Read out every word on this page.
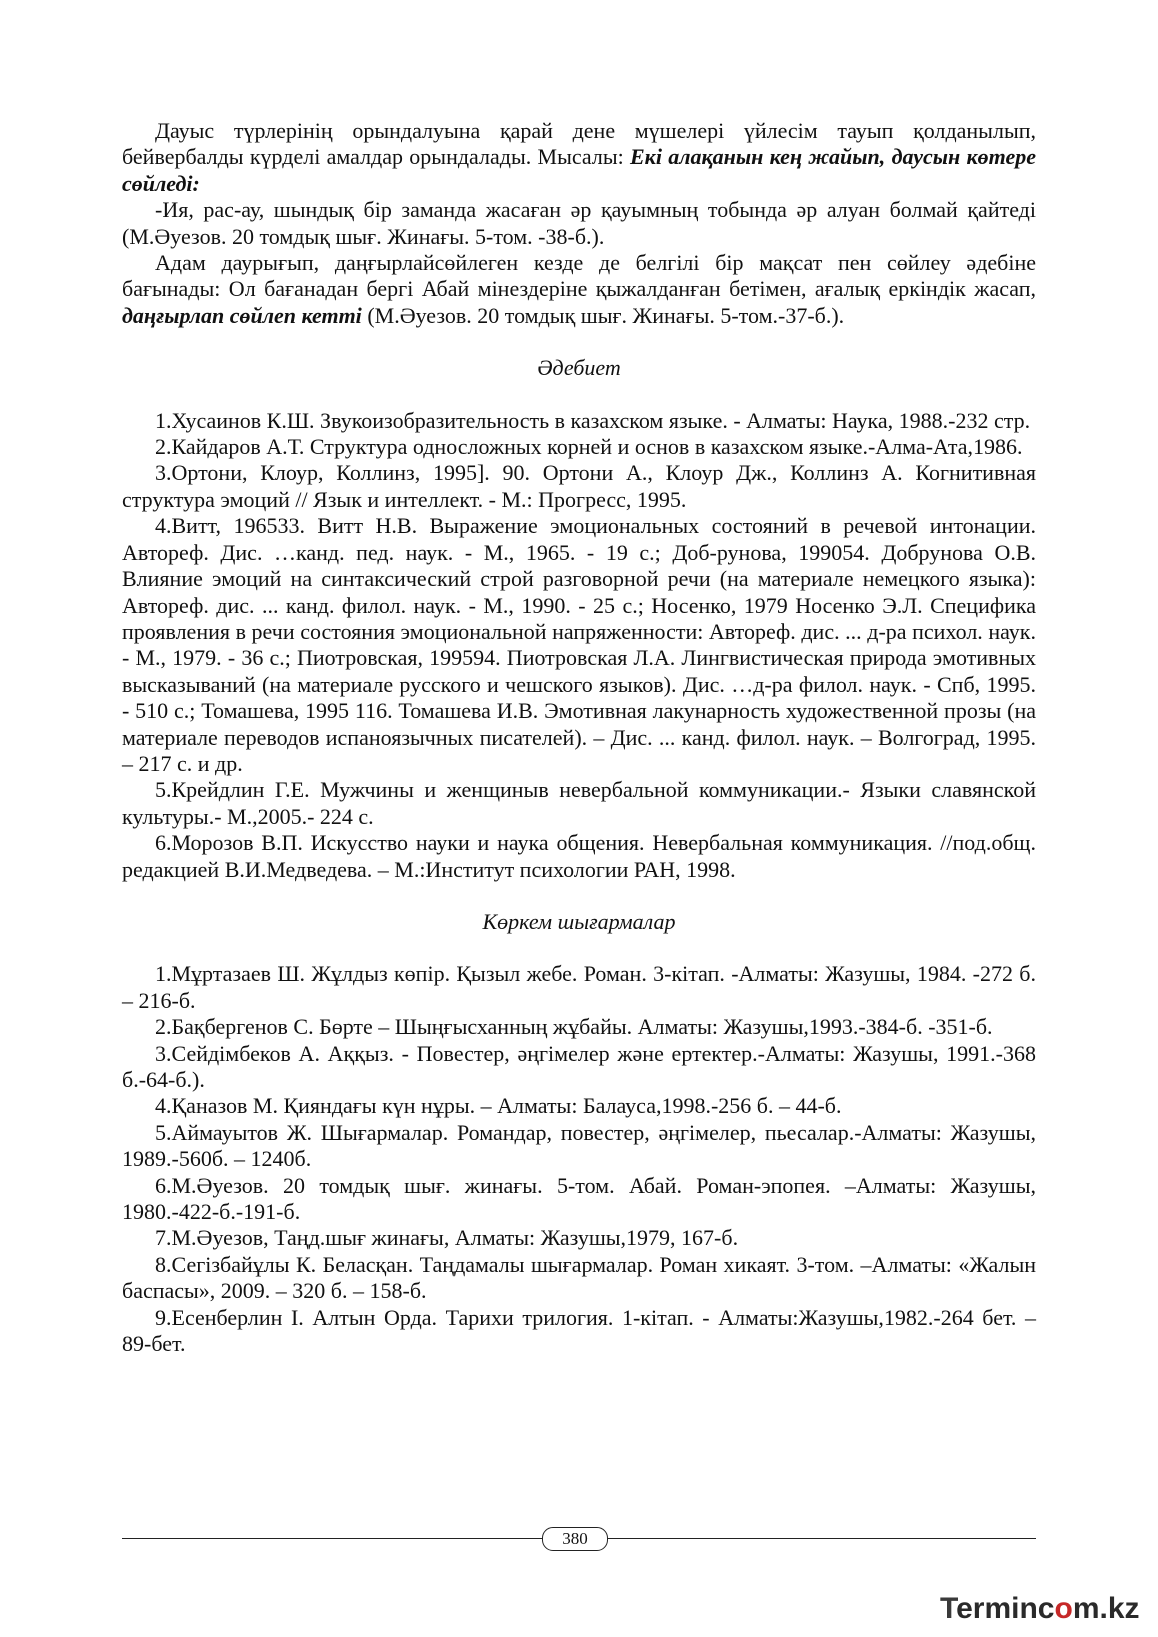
Дауыс түрлерінің орындалуына қарай дене мүшелері үйлесім тауып қолданылып, бейвербалды күрделі амалдар орындалады. Мысалы: Екі алақанын кең жайып, даусын көтере сөйледі:

-Ия, рас-ау, шындық бір заманда жасаған әр қауымның тобында әр алуан болмай қайтеді (М.Әуезов. 20 томдық шығ. Жинағы. 5-том. -38-б.).

Адам даурығып, даңғырлайсөйлеген кезде де белгілі бір мақсат пен сөйлеу әдебіне бағынады: Ол бағанадан бергі Абай мінездеріне қыжалданған бетімен, ағалық еркіндік жасап, даңғырлап сөйлеп кетті (М.Әуезов. 20 томдық шығ. Жинағы. 5-том.-37-б.).

Әдебиет

1.Хусаинов К.Ш. Звукоизобразительность в казахском языке. - Алматы: Наука, 1988.-232 стр.

2.Кайдаров А.Т. Структура односложных корней и основ в казахском языке.-Алма-Ата,1986.

3.Ортони, Клоур, Коллинз, 1995]. 90. Ортони А., Клоур Дж., Коллинз А. Когнитивная структура эмоций // Язык и интеллект. - М.: Прогресс, 1995.

4.Витт, 196533. Витт Н.В. Выражение эмоциональных состояний в речевой интонации. Автореф. Дис. …канд. пед. наук. - М., 1965. - 19 с.; Доб-рунова, 199054. Добрунова О.В. Влияние эмоций на синтаксический строй разговорной речи (на материале немецкого языка): Автореф. дис. ... канд. филол. наук. - М., 1990. - 25 с.; Носенко, 1979 Носенко Э.Л. Специфика проявления в речи состояния эмоциональной напряженности: Автореф. дис. ... д-ра психол. наук. - М., 1979. - 36 с.; Пиотровская, 199594. Пиотровская Л.А. Лингвистическая природа эмотивных высказываний (на материале русского и чешского языков). Дис. …д-ра филол. наук. - Спб, 1995. - 510 с.; Томашева, 1995 116. Томашева И.В. Эмотивная лакунарность художественной прозы (на материале переводов испаноязычных писателей). – Дис. ... канд. филол. наук. – Волгоград, 1995. – 217 с. и др.

5.Крейдлин Г.Е. Мужчины и женщиныв невербальной коммуникации.- Языки славянской культуры.- М.,2005.- 224 с.

6.Морозов В.П. Искусство науки и наука общения. Невербальная коммуникация. //под.общ. редакцией В.И.Медведева. – М.:Институт психологии РАН, 1998.

Көркем шығармалар

1.Мұртазаев Ш. Жұлдыз көпір. Қызыл жебе. Роман. 3-кітап. -Алматы: Жазушы, 1984. -272 б. – 216-б.

2.Бақбергенов С. Бөрте – Шыңғысханның жұбайы. Алматы: Жазушы,1993.-384-б. -351-б.

3.Сейдімбеков А. Аққыз. - Повестер, әңгімелер және ертектер.-Алматы: Жазушы, 1991.-368 б.-64-б.).

4.Қаназов М. Қияндағы күн нұры. – Алматы: Балауса,1998.-256 б. – 44-б.

5.Аймауытов Ж. Шығармалар. Романдар, повестер, әңгімелер, пьесалар.-Алматы: Жазушы, 1989.-560б. – 1240б.

6.М.Әуезов. 20 томдық шығ. жинағы. 5-том. Абай. Роман-эпопея. –Алматы: Жазушы, 1980.-422-б.-191-б.

7.М.Әуезов, Таңд.шығ жинағы, Алматы: Жазушы,1979, 167-б.

8.Сегізбайұлы К. Беласқан. Таңдамалы шығармалар. Роман хикаят. 3-том. –Алматы: «Жалын баспасы», 2009. – 320 б. – 158-б.

9.Есенберлин І. Алтын Орда. Тарихи трилогия. 1-кітап. - Алматы:Жазушы,1982.-264 бет. – 89-бет.

380
Termincom.kz
